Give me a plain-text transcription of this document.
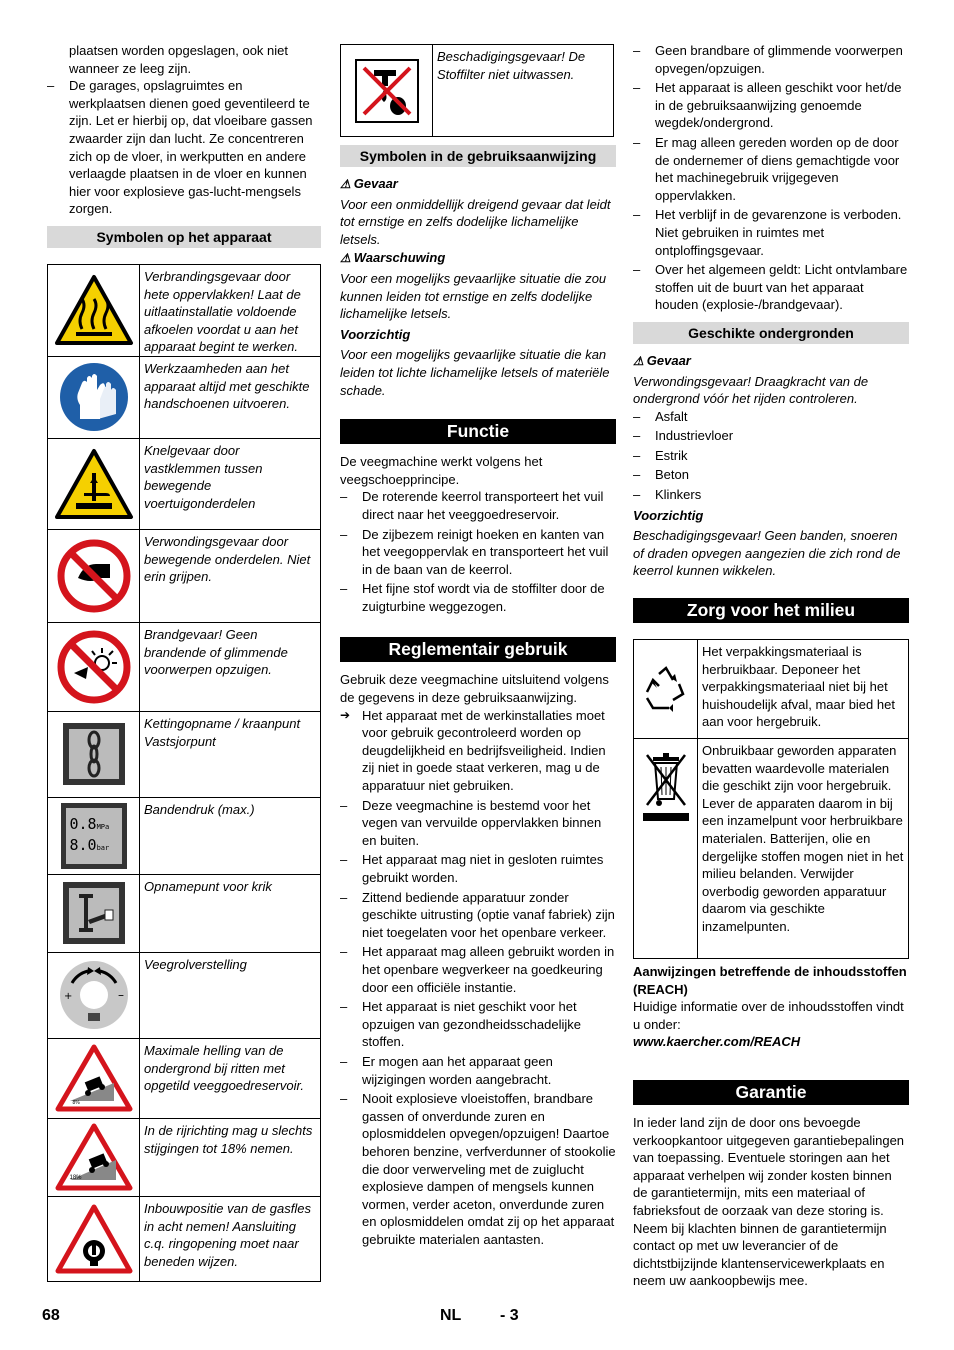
plaatsen worden opgeslagen, ook niet wanneer ze leeg zijn.

– De garages, opslagruimtes en werkplaatsen dienen goed geventileerd te zijn. Let er hierbij op, dat vloeibare gassen zwaarder zijn dan lucht. Ze concentreren zich op de vloer, in werkputten en andere verlaagde plaatsen in de vloer en kunnen hier voor explosieve gas-lucht-mengsels zorgen.

Symbolen op het apparaat
	Verbrandingsgevaar door hete oppervlakken! Laat de uitlaatinstallatie voldoende afkoelen voordat u aan het apparaat begint te werken.

	Werkzaamheden aan het apparaat altijd met geschikte handschoenen uitvoeren.

	Knelgevaar door vastklemmen tussen bewegende voertuigonderdelen

	Verwondingsgevaar door bewegende onderdelen. Niet erin grijpen.

	Brandgevaar! Geen brandende of glimmende voorwerpen opzuigen.

	Kettingopname / kraanpunt Vastsjorpunt

0.8MPa
8.0bar	Bandendruk (max.)

	Opnamepunt voor krik

+ –	Veegrolverstelling

8%	Maximale helling van de ondergrond bij ritten met opgetild veeggoedreservoir.

18%	In de rijrichting mag u slechts stijgingen tot 18% nemen.

	Inbouwpositie van de gasfles in acht nemen! Aansluiting c.q. ringopening moet naar beneden wijzen.
	Beschadigingsgevaar! De Stoffilter niet uitwassen.
Symbolen in de gebruiksaanwijzing

⚠ Gevaar

Voor een onmiddellijk dreigend gevaar dat leidt tot ernstige en zelfs dodelijke lichamelijke letsels.

⚠ Waarschuwing

Voor een mogelijks gevaarlijke situatie die zou kunnen leiden tot ernstige en zelfs dodelijke lichamelijke letsels.

Voorzichtig

Voor een mogelijks gevaarlijke situatie die kan leiden tot lichte lichamelijke letsels of materiële schade.

Functie

De veegmachine werkt volgens het veegschoepprincipe.

– De roterende keerrol transporteert het vuil direct naar het veeggoedreservoir.

– De zijbezem reinigt hoeken en kanten van het veegoppervlak en transporteert het vuil in de baan van de keerrol.

– Het fijne stof wordt via de stoffilter door de zuigturbine weggezogen.

Reglementair gebruik

Gebruik deze veegmachine uitsluitend volgens de gegevens in deze gebruiksaanwijzing.

➔ Het apparaat met de werkinstallaties moet voor gebruik gecontroleerd worden op deugdelijkheid en bedrijfsveiligheid. Indien zij niet in goede staat verkeren, mag u de apparatuur niet gebruiken.

– Deze veegmachine is bestemd voor het vegen van vervuilde oppervlakken binnen en buiten.

– Het apparaat mag niet in gesloten ruimtes gebruikt worden.

– Zittend bediende apparatuur zonder geschikte uitrusting (optie vanaf fabriek) zijn niet toegelaten voor het openbare verkeer.

– Het apparaat mag alleen gebruikt worden in het openbare wegverkeer na goedkeuring door een officiële instantie.

– Het apparaat is niet geschikt voor het opzuigen van gezondheidsschadelijke stoffen.

– Er mogen aan het apparaat geen wijzigingen worden aangebracht.

– Nooit explosieve vloeistoffen, brandbare gassen of onverdunde zuren en oplosmiddelen opvegen/opzuigen! Daartoe behoren benzine, verfverdunner of stookolie die door verwerveling met de zuiglucht explosieve dampen of mengsels kunnen vormen, verder aceton, onverdunde zuren en oplosmiddelen omdat zij op het apparaat gebruikte materialen aantasten.

– Geen brandbare of glimmende voorwerpen opvegen/opzuigen.

– Het apparaat is alleen geschikt voor het/de in de gebruiksaanwijzing genoemde wegdek/ondergrond.

– Er mag alleen gereden worden op de door de ondernemer of diens gemachtigde voor het machinegebruik vrijgegeven oppervlakken.

– Het verblijf in de gevarenzone is verboden. Niet gebruiken in ruimtes met ontploffingsgevaar.

– Over het algemeen geldt: Licht ontvlambare stoffen uit de buurt van het apparaat houden (explosie-/brandgevaar).

Geschikte ondergronden

⚠ Gevaar

Verwondingsgevaar! Draagkracht van de ondergrond vóór het rijden controleren.

– Asfalt

– Industrievloer

– Estrik

– Beton

– Klinkers

Voorzichtig

Beschadigingsgevaar! Geen banden, snoeren of draden opvegen aangezien die zich rond de keerrol kunnen wikkelen.

Zorg voor het milieu
	Het verpakkingsmateriaal is herbruikbaar. Deponeer het verpakkingsmateriaal niet bij het huishoudelijk afval, maar bied het aan voor hergebruik.

	Onbruikbaar geworden apparaten bevatten waardevolle materialen die geschikt zijn voor hergebruik. Lever de apparaten daarom in bij een inzamelpunt voor herbruikbare materialen. Batterijen, olie en dergelijke stoffen mogen niet in het milieu belanden. Verwijder overbodig geworden apparatuur daarom via geschikte inzamelpunten.

Aanwijzingen betreffende de inhoudsstoffen (REACH)

Huidige informatie over de inhoudsstoffen vindt u onder:

www.kaercher.com/REACH

Garantie

In ieder land zijn de door ons bevoegde verkoopkantoor uitgegeven garantiebepalingen van toepassing. Eventuele storingen aan het apparaat verhelpen wij zonder kosten binnen de garantietermijn, mits een materiaal of fabrieksfout de oorzaak van deze storing is. Neem bij klachten binnen de garantietermijn contact op met uw leverancier of de dichtstbijzijnde klantenservicewerkplaats en neem uw aankoopbewijs mee.

68	NL - 3
